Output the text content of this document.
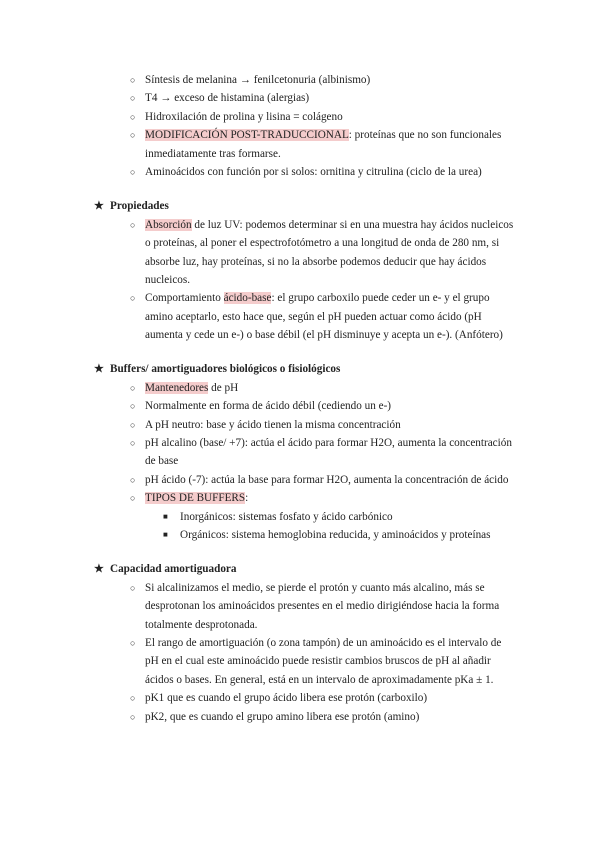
○ Síntesis de melanina → fenilcetonuria (albinismo)
○ T4 → exceso de histamina (alergias)
○ Hidroxilación de prolina y lisina = colágeno
○ MODIFICACIÓN POST-TRADUCCIONAL: proteínas que no son funcionales
inmediatamente tras formarse.
○ Aminoácidos con función por si solos: ornitina y citrulina (ciclo de la urea)
★ Propiedades
○ Absorción de luz UV: podemos determinar si en una muestra hay ácidos nucleicos
o proteínas, al poner el espectrofotómetro a una longitud de onda de 280 nm, si
absorbe luz, hay proteínas, si no la absorbe podemos deducir que hay ácidos
nucleicos.
○ Comportamiento ácido-base: el grupo carboxilo puede ceder un e- y el grupo
amino aceptarlo, esto hace que, según el pH pueden actuar como ácido (pH
aumenta y cede un e-) o base débil (el pH disminuye y acepta un e-). (Anfótero)
★ Buffers/ amortiguadores biológicos o fisiológicos
○ Mantenedores de pH
○ Normalmente en forma de ácido débil (cediendo un e-)
○ A pH neutro: base y ácido tienen la misma concentración
○ pH alcalino (base/ +7): actúa el ácido para formar H2O, aumenta la concentración
de base
○ pH ácido (-7): actúa la base para formar H2O, aumenta la concentración de ácido
○ TIPOS DE BUFFERS:
■ Inorgánicos: sistemas fosfato y ácido carbónico
■ Orgánicos: sistema hemoglobina reducida, y aminoácidos y proteínas
★ Capacidad amortiguadora
○ Si alcalinizamos el medio, se pierde el protón y cuanto más alcalino, más se
desprotonan los aminoácidos presentes en el medio dirigiéndose hacia la forma
totalmente desprotonada.
○ El rango de amortiguación (o zona tampón) de un aminoácido es el intervalo de
pH en el cual este aminoácido puede resistir cambios bruscos de pH al añadir
ácidos o bases. En general, está en un intervalo de aproximadamente pKa ± 1.
○ pK1 que es cuando el grupo ácido libera ese protón (carboxilo)
○ pK2, que es cuando el grupo amino libera ese protón (amino)
